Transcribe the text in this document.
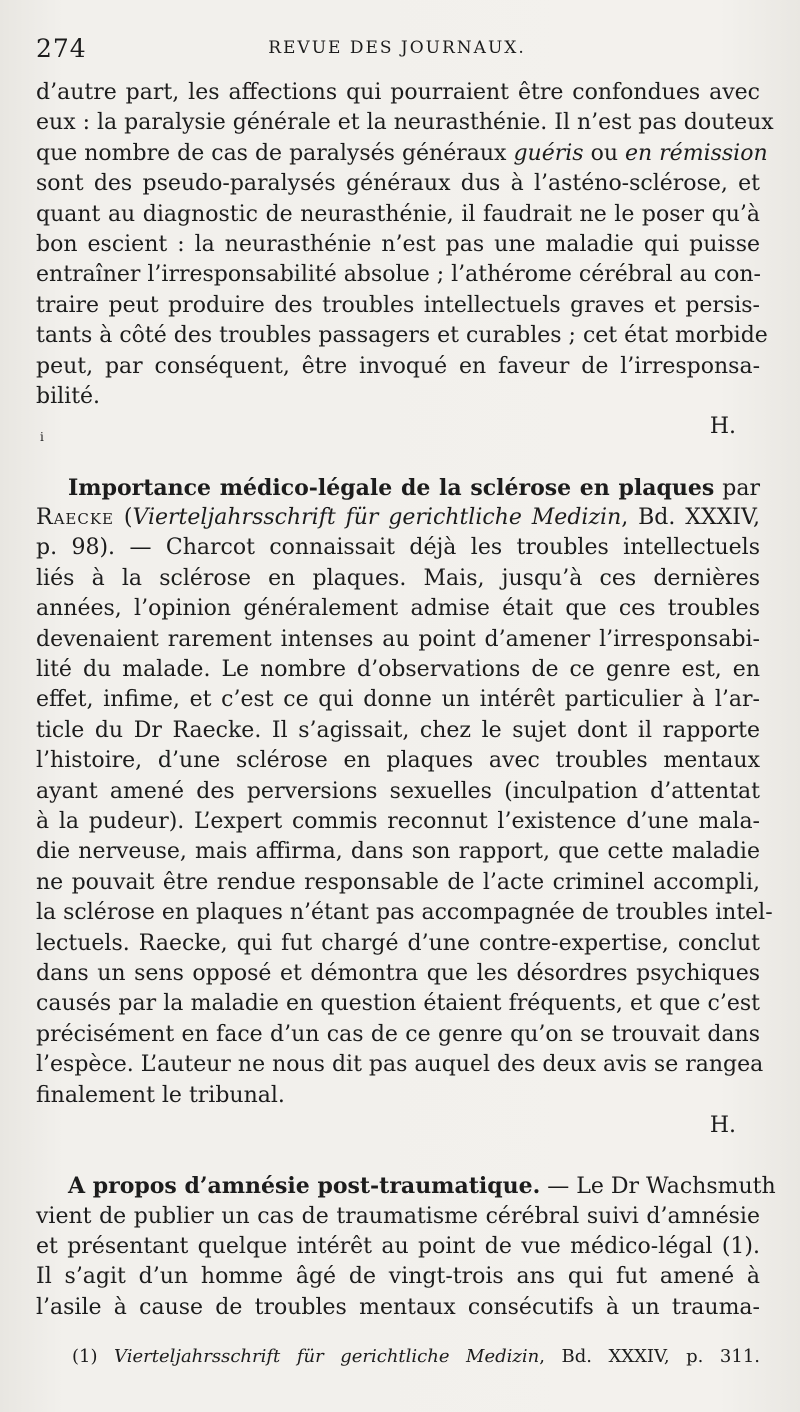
274	REVUE DES JOURNAUX.
i
d’autre part, les affections qui pourraient être confondues avec
eux : la paralysie générale et la neurasthénie. Il n’est pas douteux
que nombre de cas de paralysés généraux guéris ou en rémission
sont des pseudo-paralysés généraux dus à l’asténo-sclérose, et
quant au diagnostic de neurasthénie, il faudrait ne le poser qu’à
bon escient : la neurasthénie n’est pas une maladie qui puisse
entraîner l’irresponsabilité absolue ; l’athérome cérébral au con-
traire peut produire des troubles intellectuels graves et persis-
tants à côté des troubles passagers et curables ; cet état morbide
peut, par conséquent, être invoqué en faveur de l’irresponsa-
bilité.
H.
Importance médico-légale de la sclérose en plaques par
Raecke (Vierteljahrsschrift für gerichtliche Medizin, Bd. XXXIV,
p. 98). — Charcot connaissait déjà les troubles intellectuels
liés à la sclérose en plaques. Mais, jusqu’à ces dernières
années, l’opinion généralement admise était que ces troubles
devenaient rarement intenses au point d’amener l’irresponsabi-
lité du malade. Le nombre d’observations de ce genre est, en
effet, infime, et c’est ce qui donne un intérêt particulier à l’ar-
ticle du Dr Raecke. Il s’agissait, chez le sujet dont il rapporte
l’histoire, d’une sclérose en plaques avec troubles mentaux
ayant amené des perversions sexuelles (inculpation d’attentat
à la pudeur). L’expert commis reconnut l’existence d’une mala-
die nerveuse, mais affirma, dans son rapport, que cette maladie
ne pouvait être rendue responsable de l’acte criminel accompli,
la sclérose en plaques n’étant pas accompagnée de troubles intel-
lectuels. Raecke, qui fut chargé d’une contre-expertise, conclut
dans un sens opposé et démontra que les désordres psychiques
causés par la maladie en question étaient fréquents, et que c’est
précisément en face d’un cas de ce genre qu’on se trouvait dans
l’espèce. L’auteur ne nous dit pas auquel des deux avis se rangea
finalement le tribunal.
H.
A propos d’amnésie post-traumatique. — Le Dr Wachsmuth
vient de publier un cas de traumatisme cérébral suivi d’amnésie
et présentant quelque intérêt au point de vue médico-légal (1).
Il s’agit d’un homme âgé de vingt-trois ans qui fut amené à
l’asile à cause de troubles mentaux consécutifs à un trauma-
(1) Vierteljahrsschrift für gerichtliche Medizin, Bd. XXXIV, p. 311.
